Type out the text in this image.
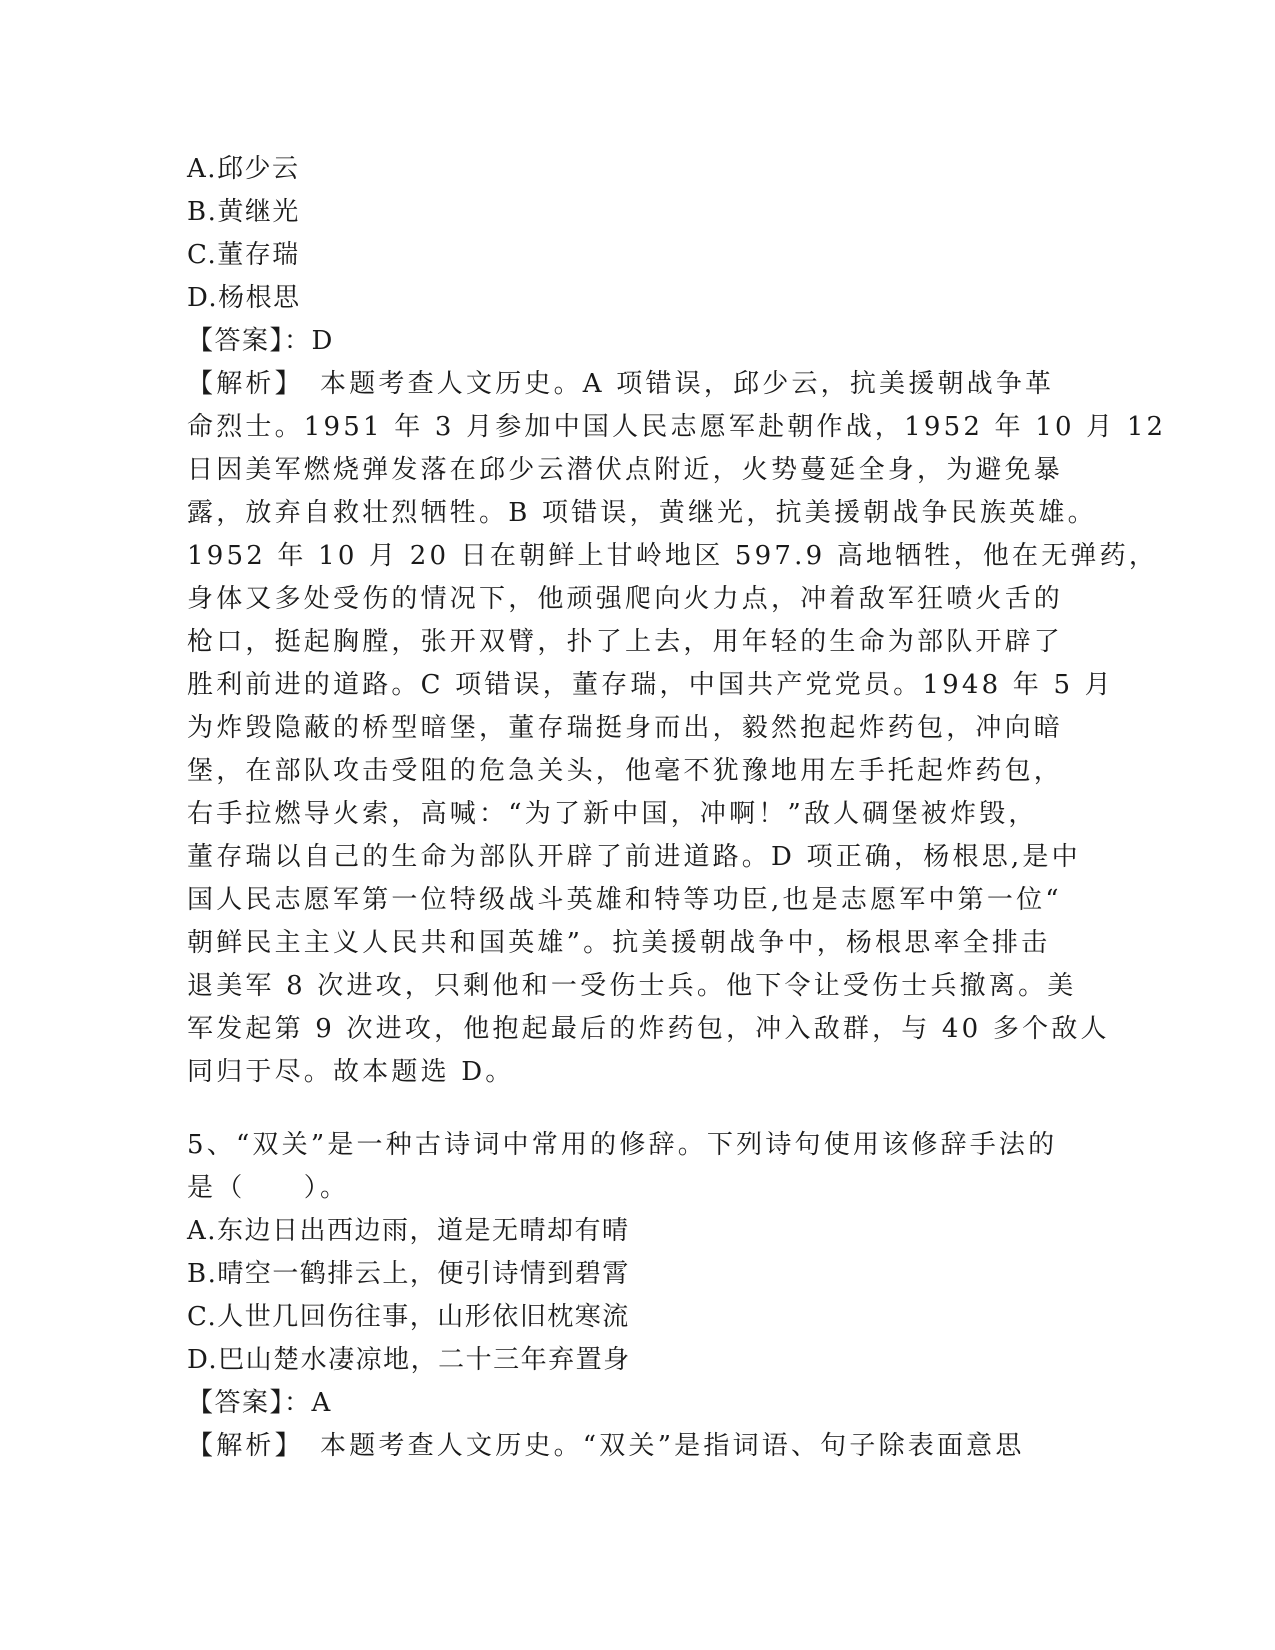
A.邱少云
B.黄继光
C.董存瑞
D.杨根思
【答案】：D
【解析】　本题考查人文历史。A 项错误，邱少云，抗美援朝战争革
命烈士。1951 年 3 月参加中国人民志愿军赴朝作战，1952 年 10 月 12
日因美军燃烧弹发落在邱少云潜伏点附近，火势蔓延全身，为避免暴
露，放弃自救壮烈牺牲。B 项错误，黄继光，抗美援朝战争民族英雄。
1952 年 10 月 20 日在朝鲜上甘岭地区 597.9 高地牺牲，他在无弹药，
身体又多处受伤的情况下，他顽强爬向火力点，冲着敌军狂喷火舌的
枪口，挺起胸膛，张开双臂，扑了上去，用年轻的生命为部队开辟了
胜利前进的道路。C 项错误，董存瑞，中国共产党党员。1948 年 5 月
为炸毁隐蔽的桥型暗堡，董存瑞挺身而出，毅然抱起炸药包，冲向暗
堡，在部队攻击受阻的危急关头，他毫不犹豫地用左手托起炸药包，
右手拉燃导火索，高喊：“为了新中国，冲啊！”敌人碉堡被炸毁，
董存瑞以自己的生命为部队开辟了前进道路。D 项正确，杨根思,是中
国人民志愿军第一位特级战斗英雄和特等功臣,也是志愿军中第一位“
朝鲜民主主义人民共和国英雄”。抗美援朝战争中，杨根思率全排击
退美军 8 次进攻，只剩他和一受伤士兵。他下令让受伤士兵撤离。美
军发起第 9 次进攻，他抱起最后的炸药包，冲入敌群，与 40 多个敌人
同归于尽。故本题选 D。
5、“双关”是一种古诗词中常用的修辞。下列诗句使用该修辞手法的
是（　　）。
A.东边日出西边雨，道是无晴却有晴
B.晴空一鹤排云上，便引诗情到碧霄
C.人世几回伤往事，山形依旧枕寒流
D.巴山楚水凄凉地，二十三年弃置身
【答案】：A
【解析】　本题考查人文历史。“双关”是指词语、句子除表面意思
